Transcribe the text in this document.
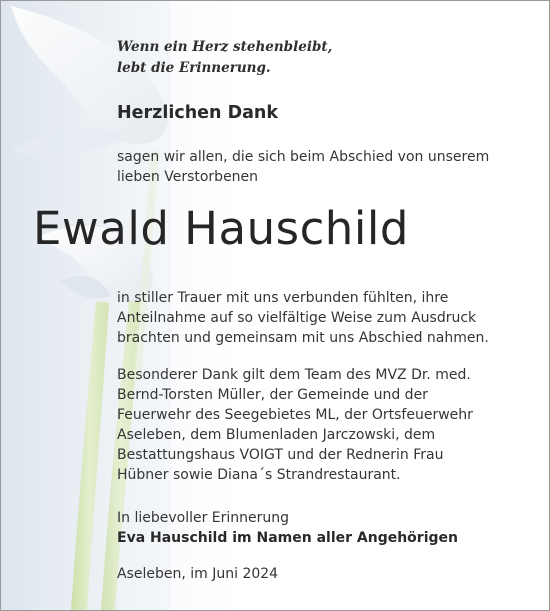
Wenn ein Herz stehenbleibt,
lebt die Erinnerung.
Herzlichen Dank
sagen wir allen, die sich beim Abschied von unserem
lieben Verstorbenen
Ewald Hauschild
in stiller Trauer mit uns verbunden fühlten, ihre
Anteilnahme auf so vielfältige Weise zum Ausdruck
brachten und gemeinsam mit uns Abschied nahmen.
Besonderer Dank gilt dem Team des MVZ Dr. med.
Bernd-Torsten Müller, der Gemeinde und der
Feuerwehr des Seegebietes ML, der Ortsfeuerwehr
Aseleben, dem Blumenladen Jarczowski, dem
Bestattungshaus VOIGT und der Rednerin Frau
Hübner sowie Diana´s Strandrestaurant.
In liebevoller Erinnerung
Eva Hauschild im Namen aller Angehörigen
Aseleben, im Juni 2024
